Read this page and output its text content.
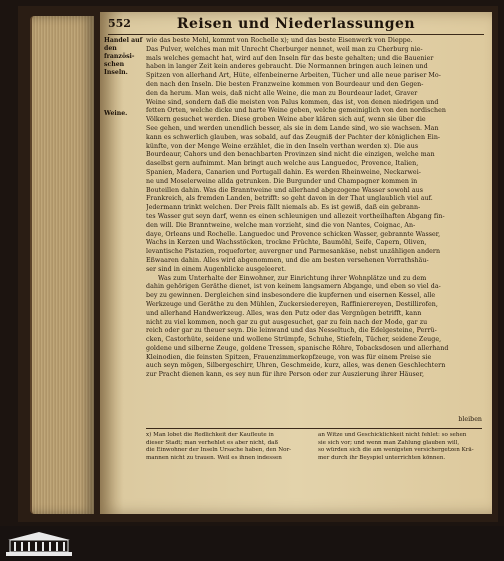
552	Reisen und Niederlassungen
Handel auf
den französi-
schen Inseln.
Weine.
wie das beste Mehl, kommt von Rochelle x); und das beste Eisenwerk von Dieppe.
Das Pulver, welches man mit Unrecht Cherburger nennet, weil man zu Cherburg nie-
mals welches gemacht hat, wird auf den Inseln für das beste gehalten; und die Bauenier
haben in langer Zeit kein anderes gebraucht. Die Normannen bringen auch leinen und
Spitzen von allerhand Art, Hüte, elfenbeinerne Arbeiten, Tücher und alle neue pariser Mo-
den nach den Inseln. Die besten Franzweine kommen von Bourdeaur und den Gegen-
den da herum. Man weis, daß nicht alle Weine, die man zu Bourdeaur ladet, Graver
Weine sind, sondern daß die meisten von Palus kommen, das ist, von denen niedrigen und
fetten Orten, welche dicke und harte Weine geben, welche gemeiniglich von den nordischen
Völkern gesuchet werden. Diese groben Weine aber klären sich auf, wenn sie über die
See gehen, und werden unendlich besser, als sie in dem Lande sind, wo sie wachsen. Man
kann es schwerlich glauben, was sobald, auf das Zeugniß der Pachter der königlichen Ein-
künfte, von der Menge Weine erzählet, die in den Inseln verthan werden x). Die aus
Bourdeaur, Cahors und den benachbarten Provinzen sind nicht die einzigen, welche man
daselbst gern aufnimmt. Man bringt auch welche aus Languedoc, Provence, Italien,
Spanien, Madera, Canarien und Portugall dahin. Es werden Rheinweine, Neckarwei-
ne und Moselerweine allda getrunken. Die Burgunder und Champagner kommen in
Bouteillen dahin. Was die Branntweine und allerhand abgezogene Wasser sowohl aus
Frankreich, als fremden Landen, betrifft: so geht davon in der That unglaublich viel auf.
Jedermann trinkt welchen. Der Preis fällt niemals ab. Es ist gewiß, daß ein gebrann-
tes Wasser gut seyn darf, wenn es einen schleunigen und allezeit vortheilhaften Abgang fin-
den will. Die Branntweine, welche man vorzieht, sind die von Nantes, Coignac, An-
daye, Orleans und Rochelle. Languedoc und Provence schicken Wasser, gebrannte Wasser,
Wachs in Kerzen und Wachsstöcken, trockne Früchte, Baumöhl, Seife, Capern, Oliven,
levantische Pistazien, roqueforter, auvergner und Parmesankäse, nebst unzähligen andern
Eßwaaren dahin. Alles wird abgenommen, und die am besten versehenen Vorrathshäu-
ser sind in einem Augenblicke ausgeleeret.
Was zum Unterhalte der Einwohner, zur Einrichtung ihrer Wohnplätze und zu dem
dahin gehörigen Geräthe dienet, ist von keinem langsamern Abgange, und eben so viel da-
bey zu gewinnen. Dergleichen sind insbesondere die kupfernen und eisernen Kessel, alle
Werkzeuge und Geräthe zu den Mühlen, Zuckersiedereyen, Raffinierereyen, Destillirofen,
und allerhand Handwerkzeug. Alles, was den Putz oder das Vergnügen betrifft, kann
nicht zu viel kommen, noch gar zu gut ausgesuchet, gar zu fein nach der Mode, gar zu
reich oder gar zu theuer seyn. Die leinwand und das Nesseltuch, die Edelgesteine, Perrü-
cken, Castorhüte, seidene und wollene Strümpfe, Schuhe, Stiefeln, Tücher, seidene Zeuge,
goldene und silberne Zeuge, goldene Tressen, spanische Röhre, Tobacksdosen und allerhand
Kleinodien, die feinsten Spitzen, Frauenzimmerkopfzeuge, von was für einem Preise sie
auch seyn mögen, Silbergeschirr, Uhren, Geschmeide, kurz, alles, was denen Geschlechtern
zur Pracht dienen kann, es sey nun für ihre Person oder zur Auszierung ihrer Häuser,
bleiben
x) Man lobet die Redlichkeit der Kaufleute in
dieser Stadt; man verhehlet es aber nicht, daß
die Einwohner der Inseln Ursache haben, den Nor-
mannen nicht zu trauen. Weil es ihnen indessen
an Witze und Geschicklichkeit nicht fehlet: so sehen
sie sich vor; und wenn man Zahlung glauben will,
so würden sich die am wenigsten versichergetzen Krä-
mer durch ihr Beyspiel unterrichten können.
